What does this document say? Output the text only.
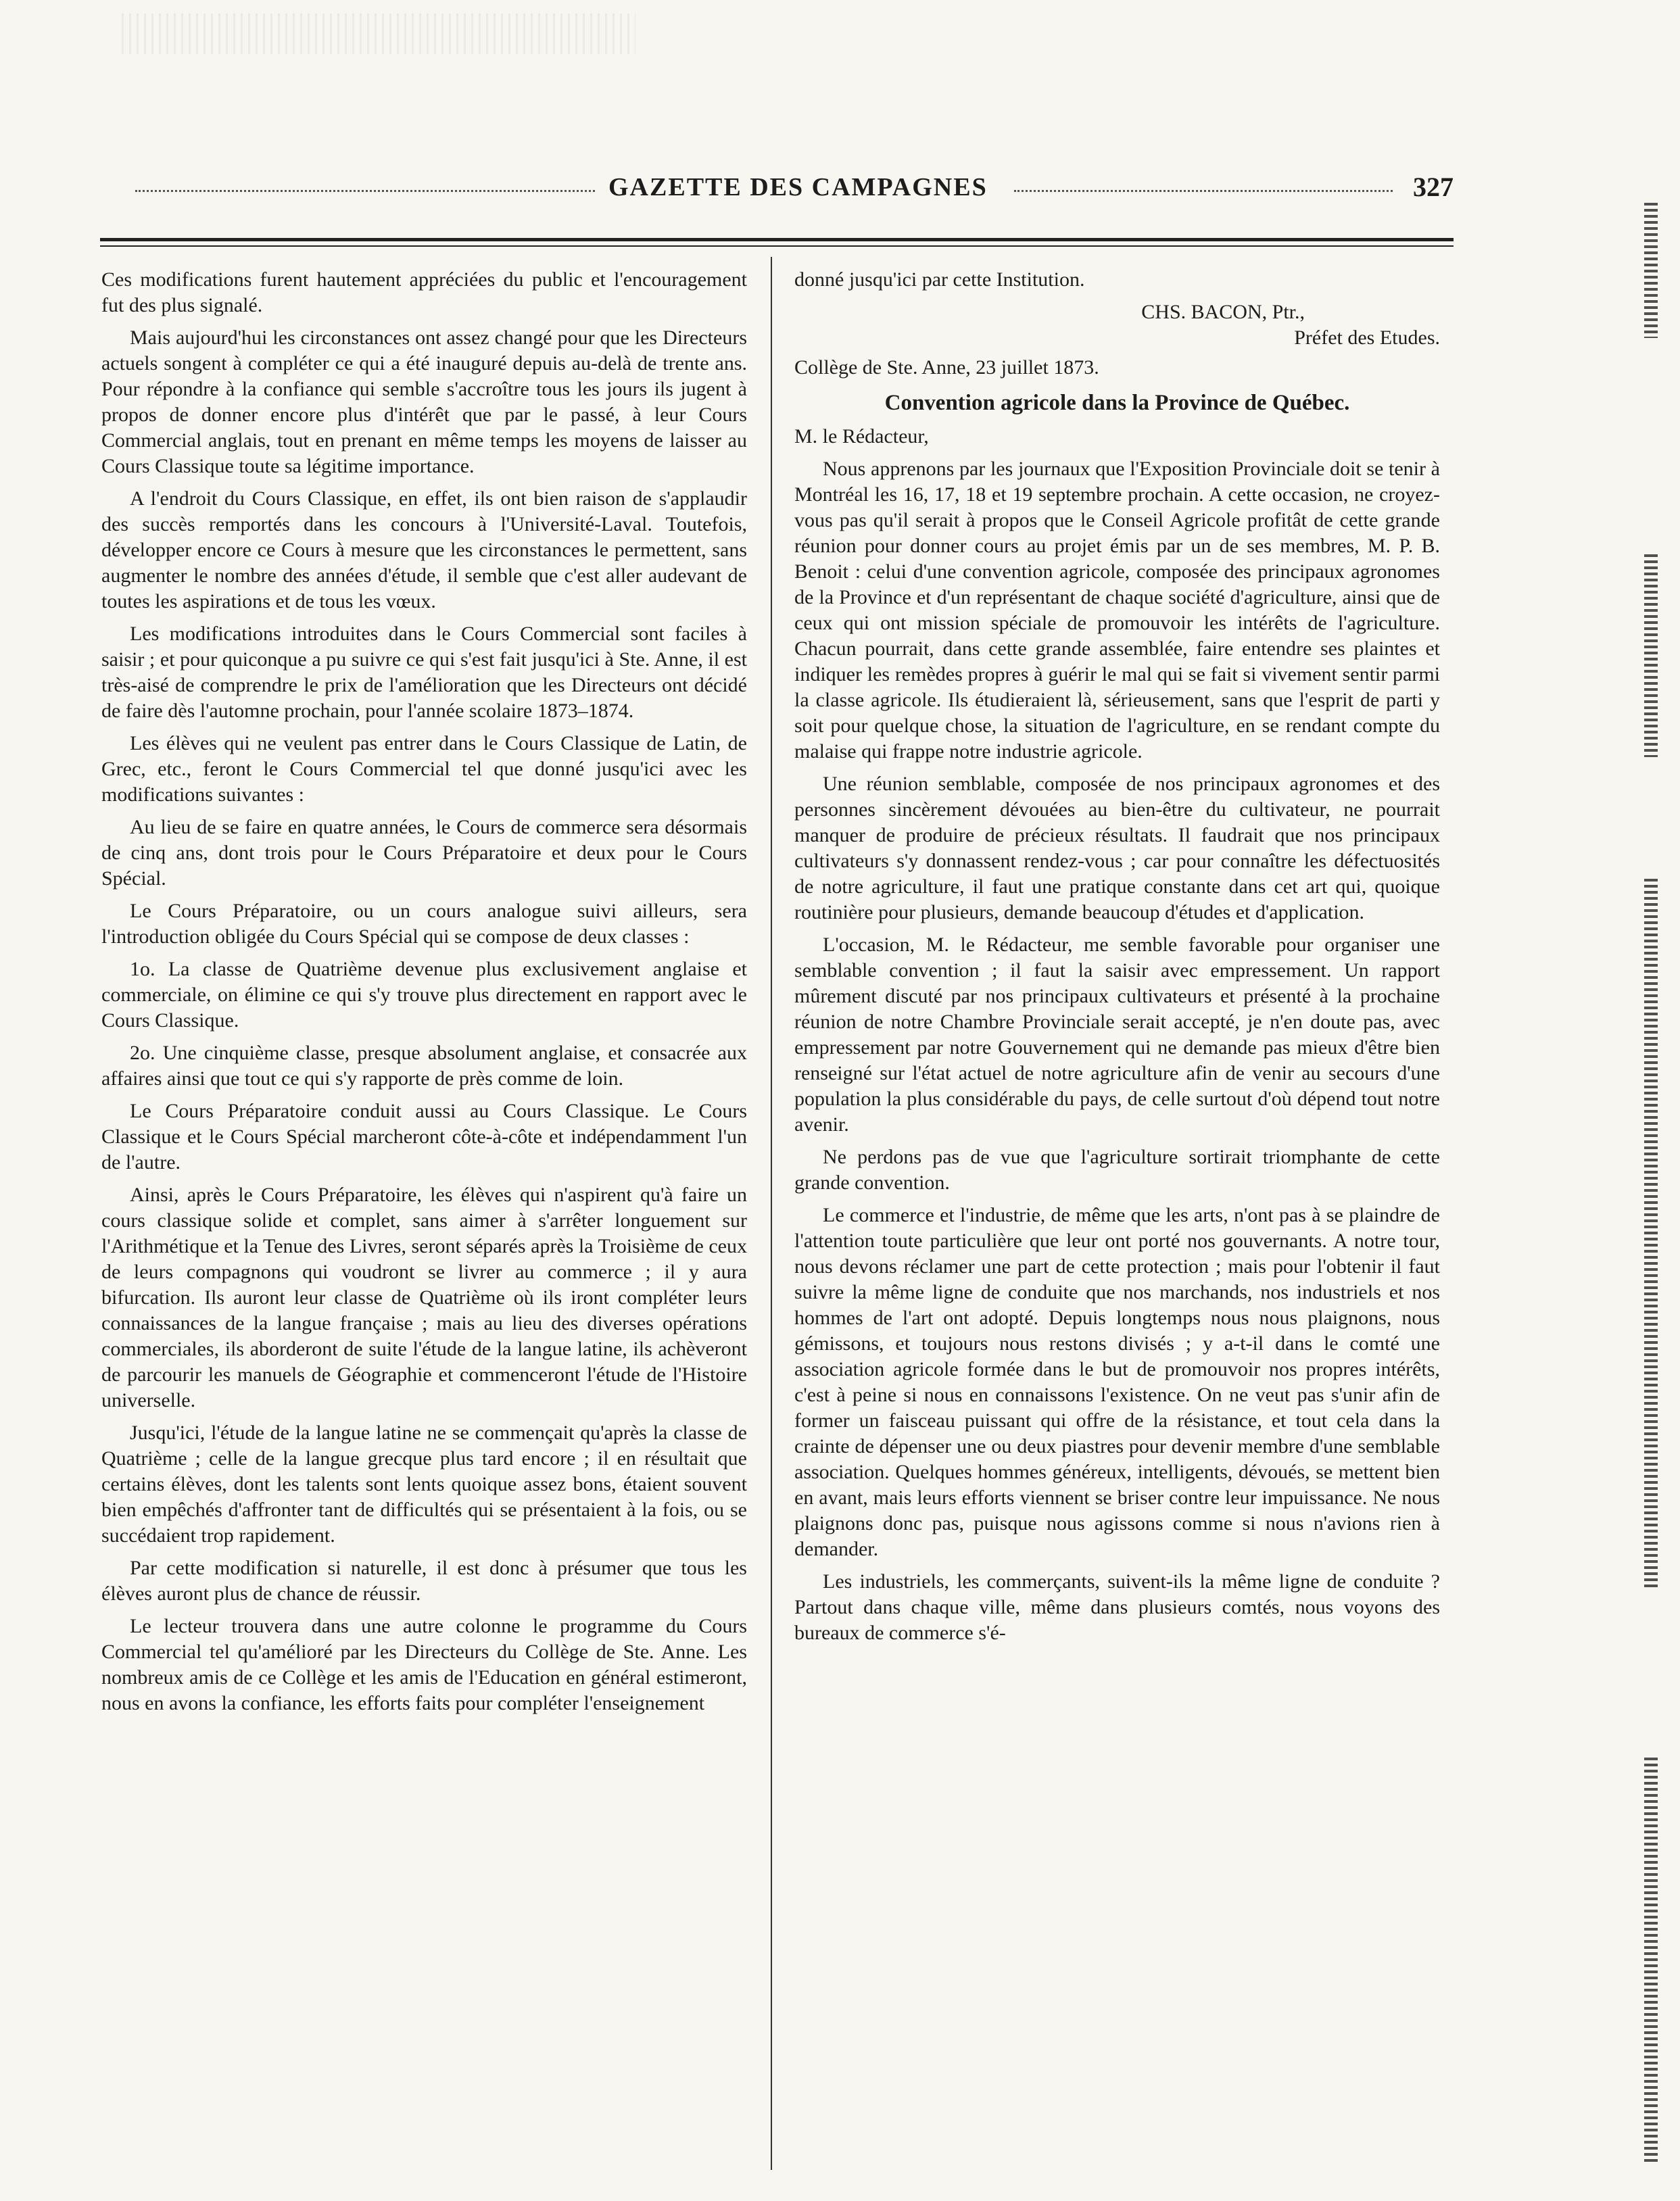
GAZETTE DES CAMPAGNES	327

Ces modifications furent hautement appréciées du public et l'encouragement fut des plus signalé.

Mais aujourd'hui les circonstances ont assez changé pour que les Directeurs actuels songent à compléter ce qui a été inauguré depuis au-delà de trente ans. Pour répondre à la confiance qui semble s'accroître tous les jours ils jugent à propos de donner encore plus d'intérêt que par le passé, à leur Cours Commercial anglais, tout en prenant en même temps les moyens de laisser au Cours Classique toute sa légitime importance.

A l'endroit du Cours Classique, en effet, ils ont bien raison de s'applaudir des succès remportés dans les concours à l'Université-Laval. Toutefois, développer encore ce Cours à mesure que les circonstances le permettent, sans augmenter le nombre des années d'étude, il semble que c'est aller audevant de toutes les aspirations et de tous les vœux.

Les modifications introduites dans le Cours Commercial sont faciles à saisir ; et pour quiconque a pu suivre ce qui s'est fait jusqu'ici à Ste. Anne, il est très-aisé de comprendre le prix de l'amélioration que les Directeurs ont décidé de faire dès l'automne prochain, pour l'année scolaire 1873–1874.

Les élèves qui ne veulent pas entrer dans le Cours Classique de Latin, de Grec, etc., feront le Cours Commercial tel que donné jusqu'ici avec les modifications suivantes :

Au lieu de se faire en quatre années, le Cours de commerce sera désormais de cinq ans, dont trois pour le Cours Préparatoire et deux pour le Cours Spécial.

Le Cours Préparatoire, ou un cours analogue suivi ailleurs, sera l'introduction obligée du Cours Spécial qui se compose de deux classes :

1o. La classe de Quatrième devenue plus exclusivement anglaise et commerciale, on élimine ce qui s'y trouve plus directement en rapport avec le Cours Classique.

2o. Une cinquième classe, presque absolument anglaise, et consacrée aux affaires ainsi que tout ce qui s'y rapporte de près comme de loin.

Le Cours Préparatoire conduit aussi au Cours Classique. Le Cours Classique et le Cours Spécial marcheront côte-à-côte et indépendamment l'un de l'autre.

Ainsi, après le Cours Préparatoire, les élèves qui n'aspirent qu'à faire un cours classique solide et complet, sans aimer à s'arrêter longuement sur l'Arithmétique et la Tenue des Livres, seront séparés après la Troisième de ceux de leurs compagnons qui voudront se livrer au commerce ; il y aura bifurcation. Ils auront leur classe de Quatrième où ils iront compléter leurs connaissances de la langue française ; mais au lieu des diverses opérations commerciales, ils aborderont de suite l'étude de la langue latine, ils achèveront de parcourir les manuels de Géographie et commenceront l'étude de l'Histoire universelle.

Jusqu'ici, l'étude de la langue latine ne se commençait qu'après la classe de Quatrième ; celle de la langue grecque plus tard encore ; il en résultait que certains élèves, dont les talents sont lents quoique assez bons, étaient souvent bien empêchés d'affronter tant de difficultés qui se présentaient à la fois, ou se succédaient trop rapidement.

Par cette modification si naturelle, il est donc à présumer que tous les élèves auront plus de chance de réussir.

Le lecteur trouvera dans une autre colonne le programme du Cours Commercial tel qu'amélioré par les Directeurs du Collège de Ste. Anne. Les nombreux amis de ce Collège et les amis de l'Education en général estimeront, nous en avons la confiance, les efforts faits pour compléter l'enseignement

donné jusqu'ici par cette Institution.

CHS. BACON, Ptr.,

Préfet des Etudes.

Collège de Ste. Anne, 23 juillet 1873.

Convention agricole dans la Province de Québec.

M. le Rédacteur,

Nous apprenons par les journaux que l'Exposition Provinciale doit se tenir à Montréal les 16, 17, 18 et 19 septembre prochain. A cette occasion, ne croyez-vous pas qu'il serait à propos que le Conseil Agricole profitât de cette grande réunion pour donner cours au projet émis par un de ses membres, M. P. B. Benoit : celui d'une convention agricole, composée des principaux agronomes de la Province et d'un représentant de chaque société d'agriculture, ainsi que de ceux qui ont mission spéciale de promouvoir les intérêts de l'agriculture. Chacun pourrait, dans cette grande assemblée, faire entendre ses plaintes et indiquer les remèdes propres à guérir le mal qui se fait si vivement sentir parmi la classe agricole. Ils étudieraient là, sérieusement, sans que l'esprit de parti y soit pour quelque chose, la situation de l'agriculture, en se rendant compte du malaise qui frappe notre industrie agricole.

Une réunion semblable, composée de nos principaux agronomes et des personnes sincèrement dévouées au bien-être du cultivateur, ne pourrait manquer de produire de précieux résultats. Il faudrait que nos principaux cultivateurs s'y donnassent rendez-vous ; car pour connaître les défectuosités de notre agriculture, il faut une pratique constante dans cet art qui, quoique routinière pour plusieurs, demande beaucoup d'études et d'application.

L'occasion, M. le Rédacteur, me semble favorable pour organiser une semblable convention ; il faut la saisir avec empressement. Un rapport mûrement discuté par nos principaux cultivateurs et présenté à la prochaine réunion de notre Chambre Provinciale serait accepté, je n'en doute pas, avec empressement par notre Gouvernement qui ne demande pas mieux d'être bien renseigné sur l'état actuel de notre agriculture afin de venir au secours d'une population la plus considérable du pays, de celle surtout d'où dépend tout notre avenir.

Ne perdons pas de vue que l'agriculture sortirait triomphante de cette grande convention.

Le commerce et l'industrie, de même que les arts, n'ont pas à se plaindre de l'attention toute particulière que leur ont porté nos gouvernants. A notre tour, nous devons réclamer une part de cette protection ; mais pour l'obtenir il faut suivre la même ligne de conduite que nos marchands, nos industriels et nos hommes de l'art ont adopté. Depuis longtemps nous nous plaignons, nous gémissons, et toujours nous restons divisés ; y a-t-il dans le comté une association agricole formée dans le but de promouvoir nos propres intérêts, c'est à peine si nous en connaissons l'existence. On ne veut pas s'unir afin de former un faisceau puissant qui offre de la résistance, et tout cela dans la crainte de dépenser une ou deux piastres pour devenir membre d'une semblable association. Quelques hommes généreux, intelligents, dévoués, se mettent bien en avant, mais leurs efforts viennent se briser contre leur impuissance. Ne nous plaignons donc pas, puisque nous agissons comme si nous n'avions rien à demander.

Les industriels, les commerçants, suivent-ils la même ligne de conduite ? Partout dans chaque ville, même dans plusieurs comtés, nous voyons des bureaux de commerce s'é-
